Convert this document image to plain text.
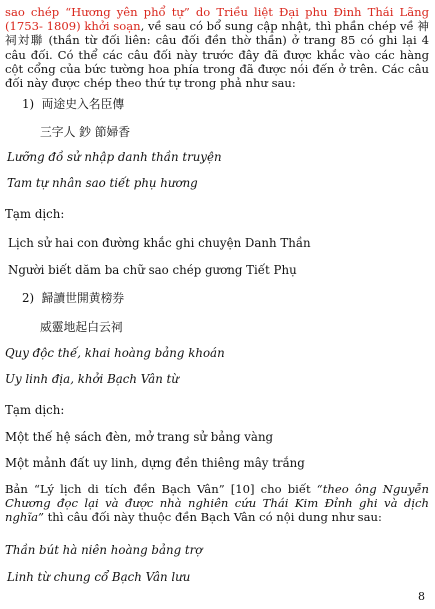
sao chép “Hương yên phổ tự” do Triều liệt Đại phu Đinh Thái Lãng (1753- 1809) khởi soạn, về sau có bổ sung cập nhật, thì phần chép về 神祠対聯 (thần từ đối liên: câu đối đền thờ thần) ở trang 85 có ghi lại 4 câu đối. Có thể các câu đối này trước đây đã được khắc vào các hàng cột cổng của bức tường hoa phía trong đã được nói đến ở trên. Các câu đối này được chép theo thứ tự trong phả như sau:

1) 両途史入名臣傳
三字人 鈔 節婦香
Lưỡng đồ sử nhập danh thần truyện
Tam tự nhân sao tiết phụ hương
Tạm dịch:
Lịch sử hai con đường khắc ghi chuyện Danh Thần
Người biết dăm ba chữ sao chép gương Tiết Phụ
2) 歸讀世開黄榜券
威靈地起白云祠
Quy độc thế, khai hoàng bảng khoán
Uy linh địa, khởi Bạch Vân từ
Tạm dịch:
Một thế hệ sách đèn, mở trang sử bảng vàng
Một mảnh đất uy linh, dựng đền thiêng mây trắng

Bản “Lý lịch di tích đền Bạch Vân” [10] cho biết “theo ông Nguyễn Chương đọc lại và được nhà nghiên cứu Thái Kim Đỉnh ghi và dịch nghĩa” thì câu đối này thuộc đền Bạch Vân có nội dung như sau:

Thần bút hà niên hoàng bảng trợ
Linh từ chung cổ Bạch Vân lưu
8
